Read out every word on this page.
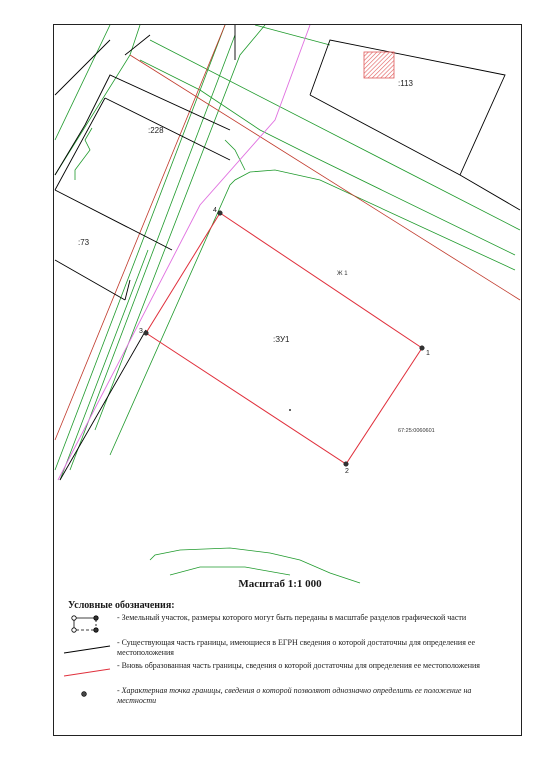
:113
:228
:73
:ЗУ1
Ж 1
67:25:0060601
1
2
3
4
Масштаб 1:1 000
Условные обозначения:
- Земельный участок, размеры которого могут быть переданы в масштабе разделов графической части
- Существующая часть границы, имеющиеся в ЕГРН сведения о которой достаточны для определения ее местоположения
- Вновь образованная часть границы, сведения о которой достаточны для определения ее местоположения
- Характерная точка границы, сведения о которой позволяют однозначно определить ее положение на местности
